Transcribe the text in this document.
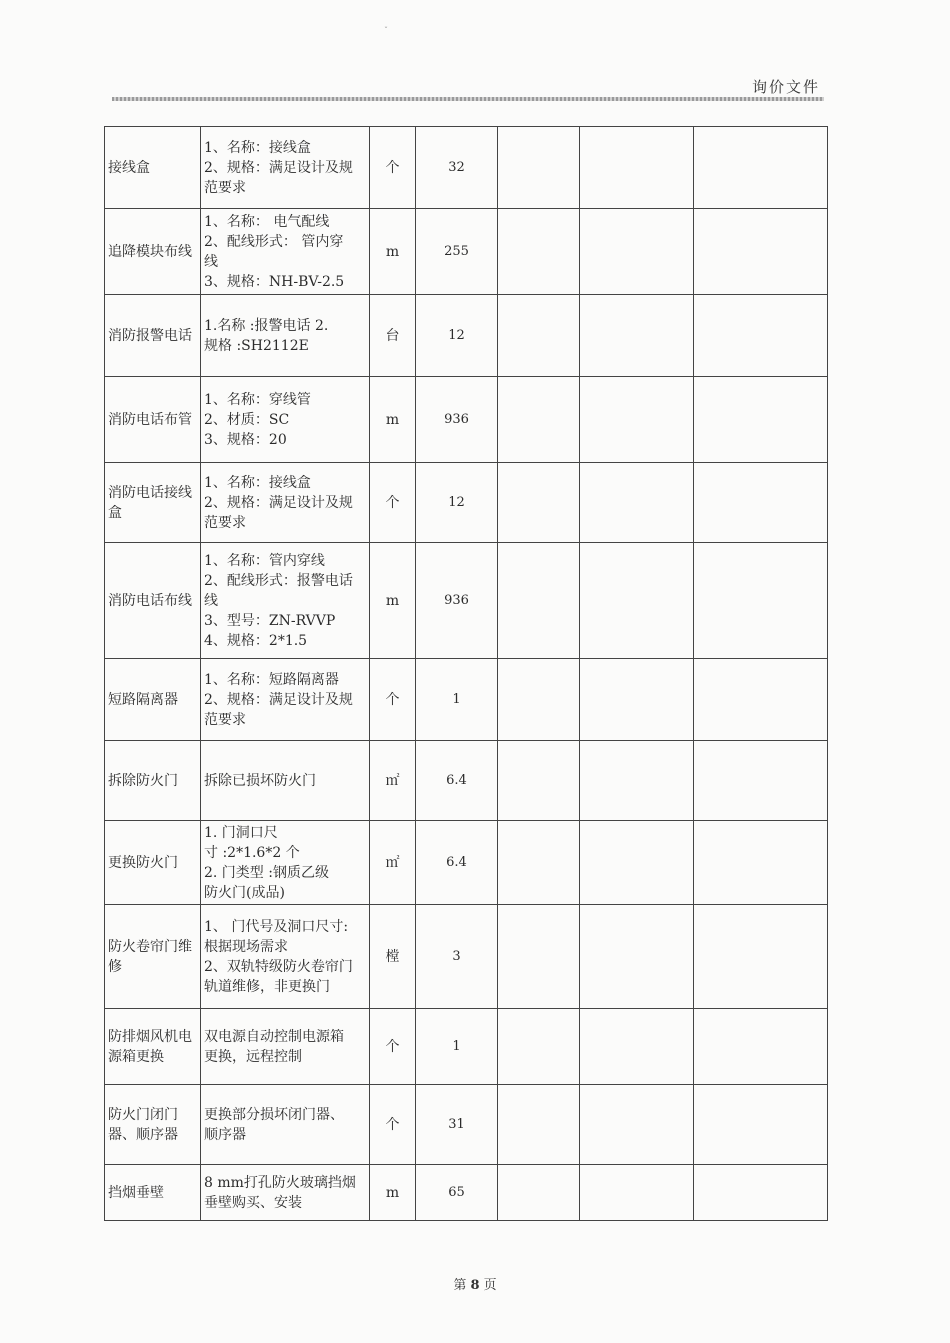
ˇ
询价文件
接线盒	1、名称：接线盒
2、规格：满足设计及规
范要求	个	32			
追降模块布线	1、名称： 电气配线
2、配线形式： 管内穿
线
3、规格：NH-BV-2.5	m	255			
消防报警电话	1.名称 :报警电话 2.
规格 :SH2112E	台	12			
消防电话布管	1、名称：穿线管
2、材质：SC
3、规格：20	m	936			
消防电话接线盒	1、名称：接线盒
2、规格：满足设计及规
范要求	个	12			
消防电话布线	1、名称：管内穿线
2、配线形式：报警电话
线
3、型号：ZN-RVVP
4、规格：2*1.5	m	936			
短路隔离器	1、名称：短路隔离器
2、规格：满足设计及规
范要求	个	1			
拆除防火门	拆除已损坏防火门	㎡	6.4			
更换防火门	1. 门洞口尺
寸 :2*1.6*2 个
2. 门类型 :钢质乙级
防火门(成品)	㎡	6.4			
防火卷帘门维修	1、 门代号及洞口尺寸:
根据现场需求
2、双轨特级防火卷帘门
轨道维修，非更换门	樘	3			
防排烟风机电源箱更换	双电源自动控制电源箱
更换，远程控制	个	1			
防火门闭门器、顺序器	更换部分损坏闭门器、
顺序器	个	31			
挡烟垂壁	8 mm打孔防火玻璃挡烟
垂壁购买、安装	m	65			
第 8 页
